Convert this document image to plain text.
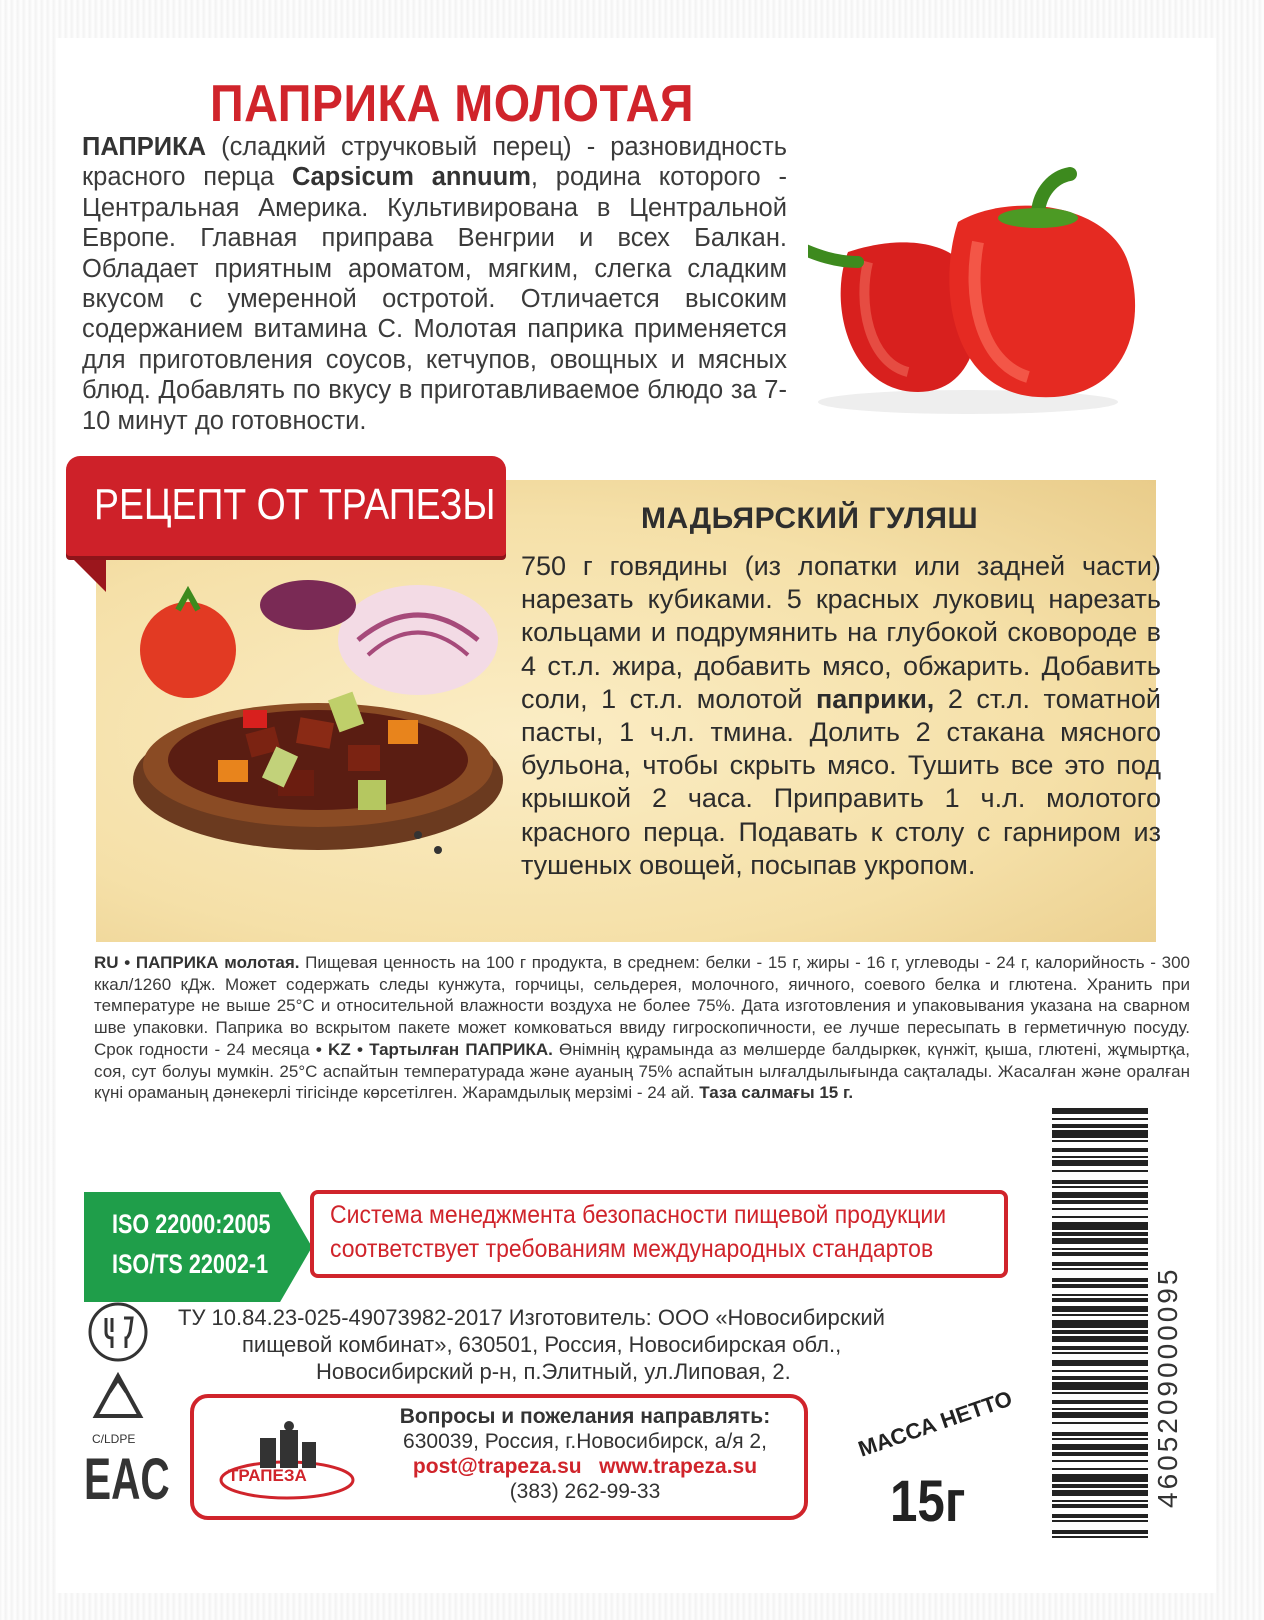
ПАПРИКА МОЛОТАЯ
ПАПРИКА (сладкий стручковый перец) - разновидность красного перца Capsicum annuum, родина которого - Центральная Америка. Культивирована в Центральной Европе. Главная приправа Венгрии и всех Балкан. Обладает приятным ароматом, мягким, слегка сладким вкусом с умеренной остротой. Отличается высоким содержанием витамина С. Молотая паприка применяется для приготовления соусов, кетчупов, овощных и мясных блюд. Добавлять по вкусу в приготавливаемое блюдо за 7-10 минут до готовности.
РЕЦЕПТ ОТ ТРАПЕЗЫ	МАДЬЯРСКИЙ ГУЛЯШ
750 г говядины (из лопатки или задней части) нарезать кубиками. 5 красных луковиц нарезать кольцами и подрумянить на глубокой сковороде в 4 ст.л. жира, добавить мясо, обжарить. Добавить соли, 1 ст.л. молотой паприки, 2 ст.л. томатной пасты, 1 ч.л. тмина. Долить 2 стакана мясного бульона, чтобы скрыть мясо. Тушить все это под крышкой 2 часа. Приправить 1 ч.л. молотого красного перца. Подавать к столу с гарниром из тушеных овощей, посыпав укропом.
RU • ПАПРИКА молотая. Пищевая ценность на 100 г продукта, в среднем: белки - 15 г, жиры - 16 г, углеводы - 24 г, калорийность - 300 ккал/1260 кДж. Может содержать следы кунжута, горчицы, сельдерея, молочного, яичного, соевого белка и глютена. Хранить при температуре не выше 25°С и относительной влажности воздуха не более 75%. Дата изготовления и упаковывания указана на сварном шве упаковки. Паприка во вскрытом пакете может комковаться ввиду гигроскопичности, ее лучше пересыпать в герметичную посуду. Срок годности - 24 месяца • KZ • Тартылған ПАПРИКА. Өнімнің құрамында аз мөлшерде балдыркөк, күнжіт, қыша, глютені, жұмыртқа, соя, сут болуы мумкін. 25°С аспайтын температурада және ауаның 75% аспайтын ылғалдылығында сақталады. Жасалған және оралған күні ораманың дәнекерлі тігісінде көрсетілген. Жарамдылық мерзімі - 24 ай. Таза салмағы 15 г.
ISO 22000:2005
ISO/TS 22002-1
Система менеджмента безопасности пищевой продукции
соответствует требованиям международных стандартов
C/LDPE
EAC
ТУ 10.84.23-025-49073982-2017 Изготовитель: ООО «Новосибирский
пищевой комбинат», 630501, Россия, Новосибирская обл.,
Новосибирский р-н, п.Элитный, ул.Липовая, 2.
ТРАПЕЗА
Вопросы и пожелания направлять:
630039, Россия, г.Новосибирск, а/я 2,
post@trapeza.su www.trapeza.su
(383) 262-99-33
МАССА НЕТТО
15г	4605209000095
